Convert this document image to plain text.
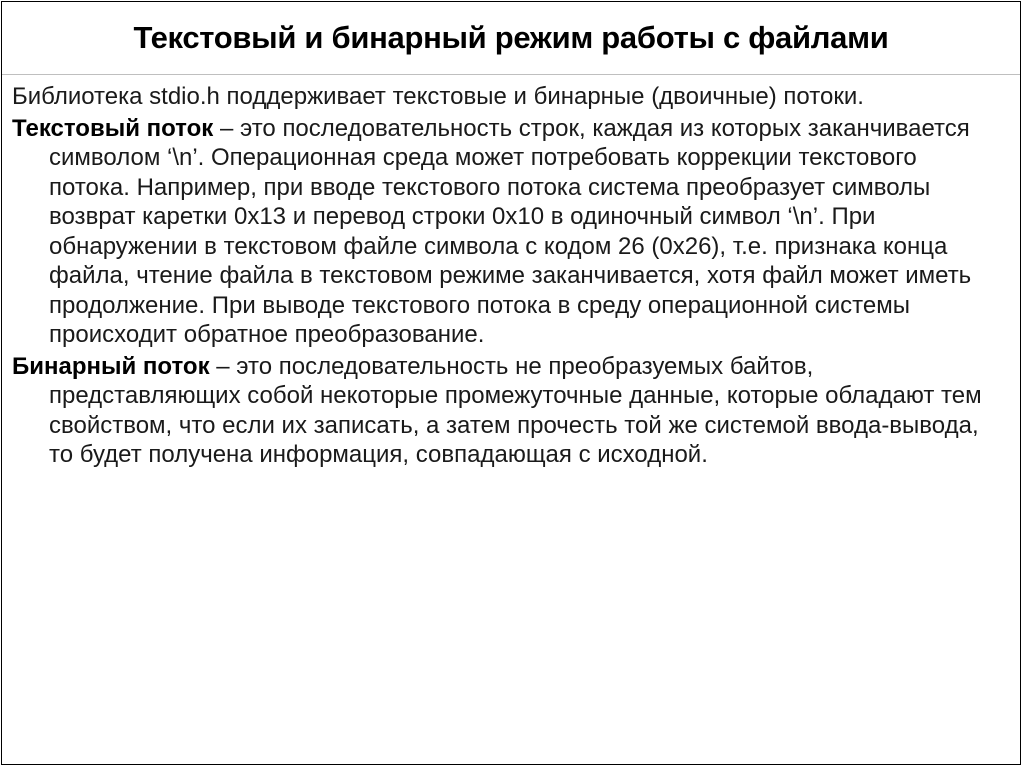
Текстовый и бинарный режим работы с файлами

Библиотека stdio.h поддерживает текстовые и бинарные (двоичные) потоки.

Текстовый поток – это последовательность строк, каждая из которых заканчивается символом ‘\n’. Операционная среда может потребовать коррекции текстового потока. Например, при вводе текстового потока система преобразует символы возврат каретки 0x13 и перевод строки 0x10 в одиночный символ ‘\n’. При обнаружении в текстовом файле символа с кодом 26 (0x26), т.е. признака конца файла, чтение файла в текстовом режиме заканчивается, хотя файл может иметь продолжение. При выводе текстового потока в среду операционной системы происходит обратное преобразование.

Бинарный поток – это последовательность не преобразуемых байтов, представляющих собой некоторые промежуточные данные, которые обладают тем свойством, что если их записать, а затем прочесть той же системой ввода-вывода, то будет получена информация, совпадающая с исходной.
